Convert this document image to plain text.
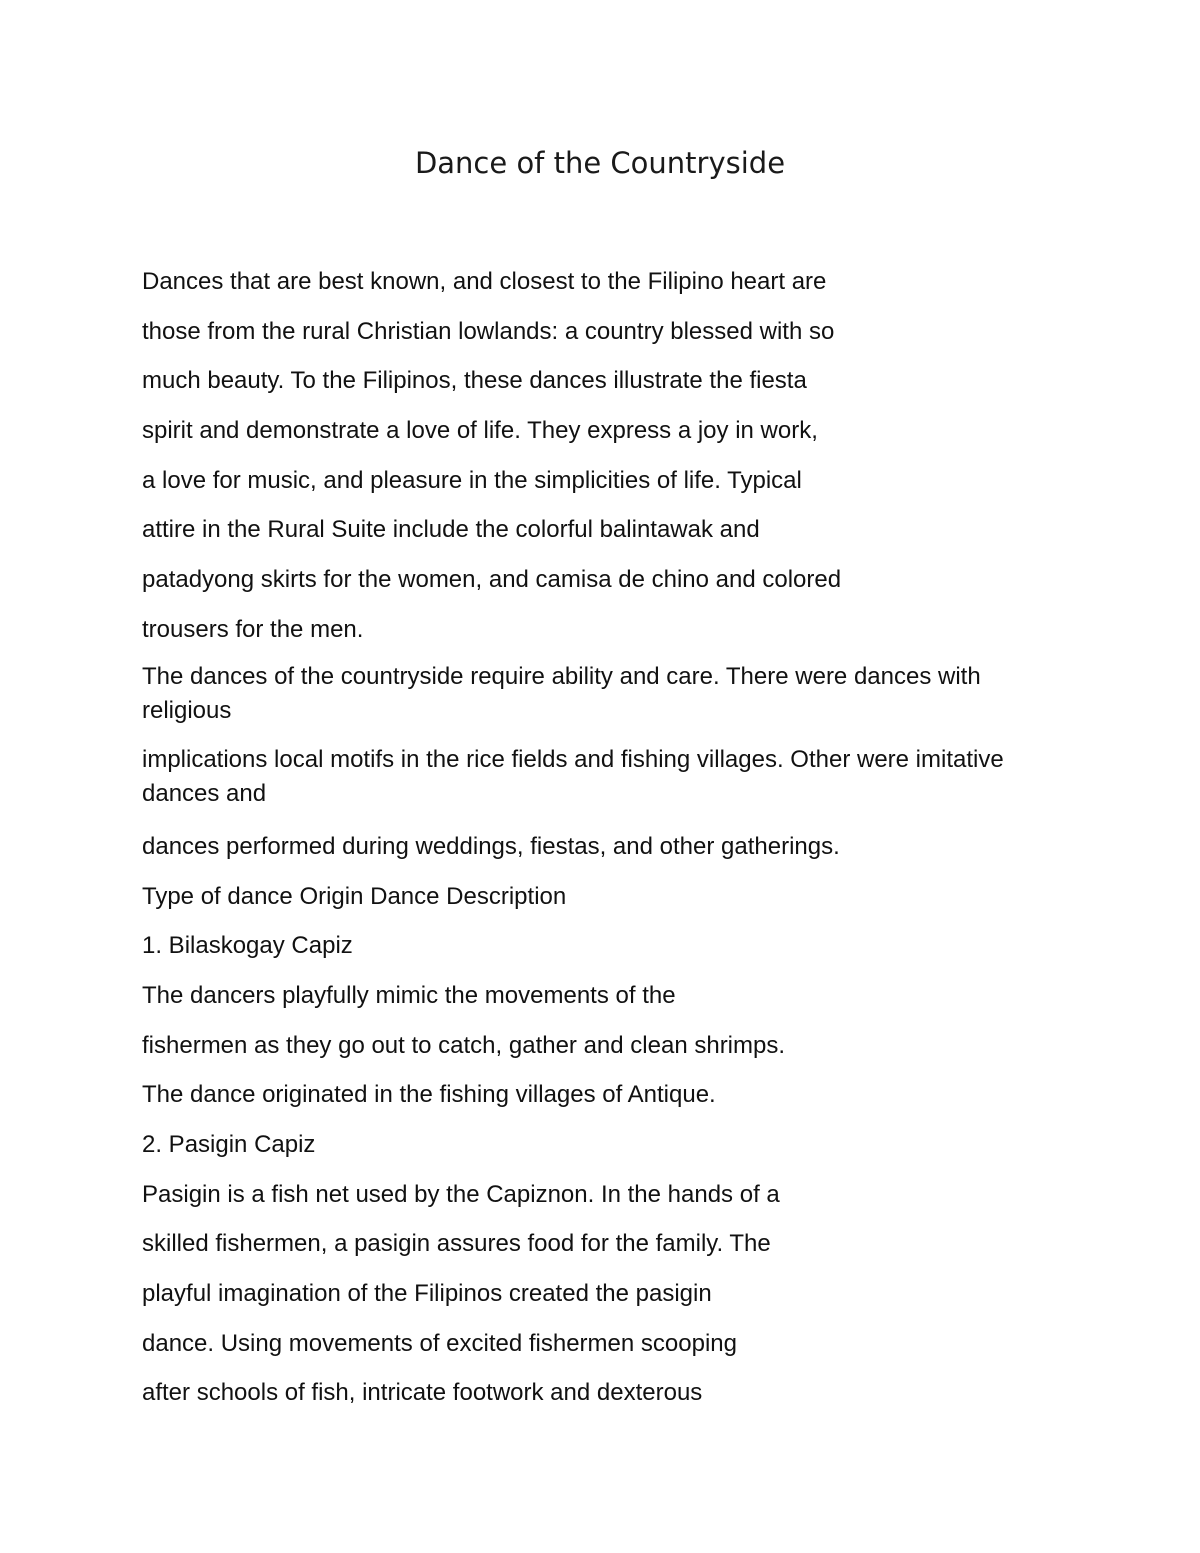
Dance of the Countryside
Dances that are best known, and closest to the Filipino heart are
those from the rural Christian lowlands: a country blessed with so
much beauty. To the Filipinos, these dances illustrate the fiesta
spirit and demonstrate a love of life. They express a joy in work,
a love for music, and pleasure in the simplicities of life. Typical
attire in the Rural Suite include the colorful balintawak and
patadyong skirts for the women, and camisa de chino and colored
trousers for the men.
The dances of the countryside require ability and care. There were dances with religious
implications local motifs in the rice fields and fishing villages. Other were imitative dances and
dances performed during weddings, fiestas, and other gatherings.
Type of dance Origin Dance Description
1. Bilaskogay Capiz
The dancers playfully mimic the movements of the
fishermen as they go out to catch, gather and clean shrimps.
The dance originated in the fishing villages of Antique.
2. Pasigin Capiz
Pasigin is a fish net used by the Capiznon. In the hands of a
skilled fishermen, a pasigin assures food for the family. The
playful imagination of the Filipinos created the pasigin
dance. Using movements of excited fishermen scooping
after schools of fish, intricate footwork and dexterous
